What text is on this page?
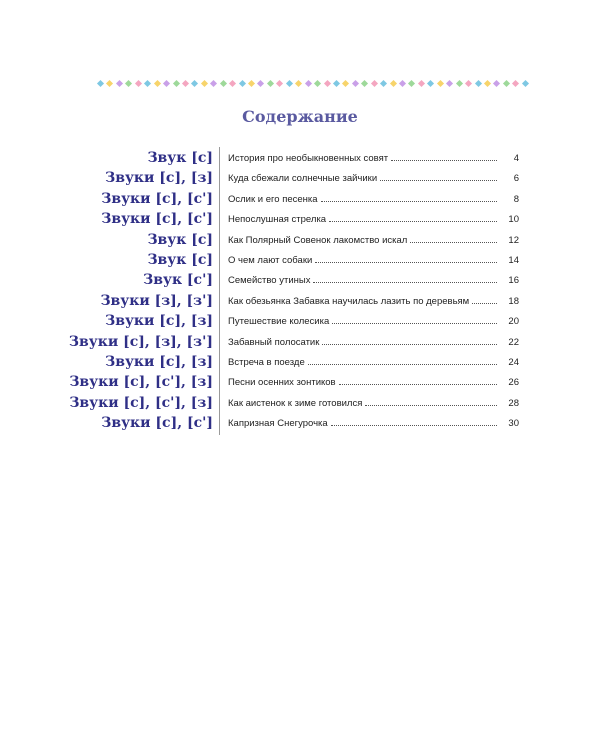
Содержание
Звук [с] История про необыкновенных совят	4
Звуки [с], [з] Куда сбежали солнечные зайчики	6
Звуки [с], [с'] Ослик и его песенка	8
Звуки [с], [с'] Непослушная стрелка	10
Звук [с] Как Полярный Совенок лакомство искал	12
Звук [с] О чем лают собаки	14
Звук [с'] Семейство утиных	16
Звуки [з], [з'] Как обезьянка Забавка научилась лазить по деревьям	18
Звуки [с], [з] Путешествие колесика	20
Звуки [с], [з], [з'] Забавный полосатик	22
Звуки [с], [з] Встреча в поезде	24
Звуки [с], [с'], [з] Песни осенних зонтиков	26
Звуки [с], [с'], [з] Как аистенок к зиме готовился	28
Звуки [с], [с'] Капризная Снегурочка	30
